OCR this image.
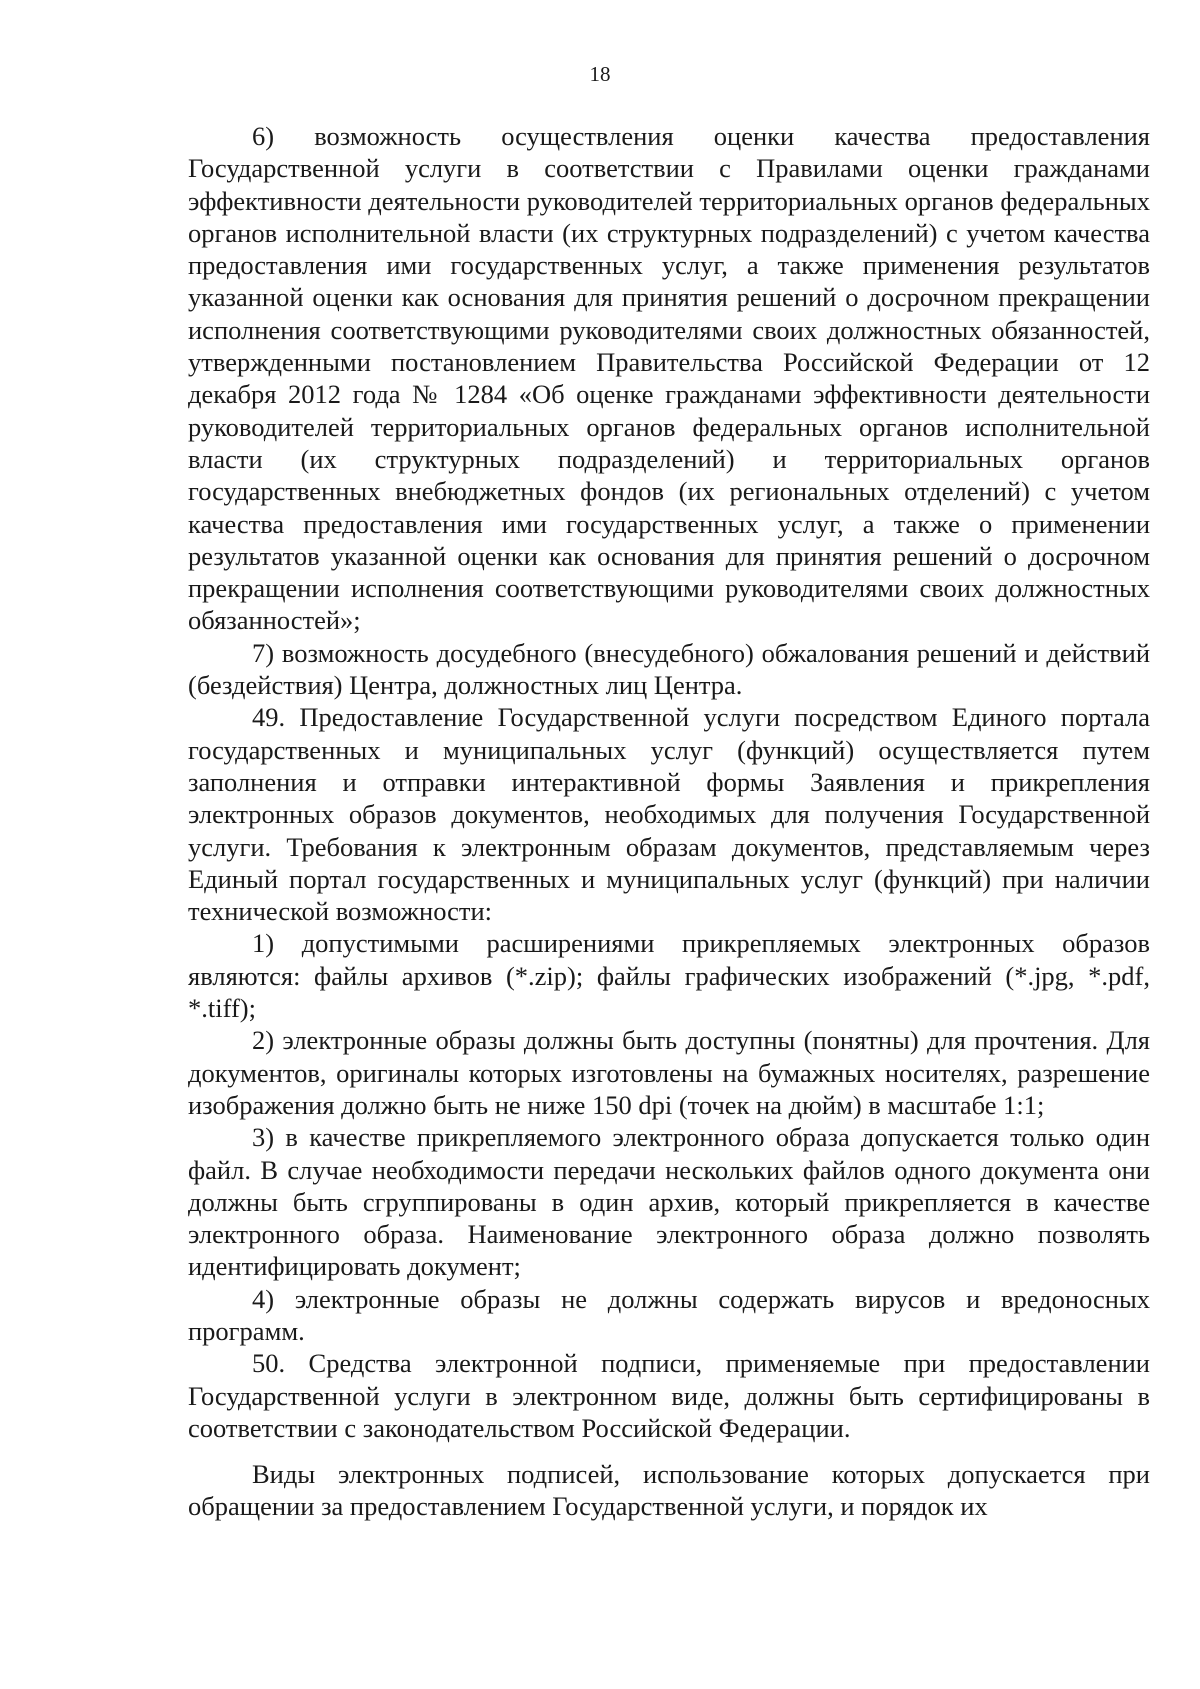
18

6) возможность осуществления оценки качества предоставления Государственной услуги в соответствии с Правилами оценки гражданами эффективности деятельности руководителей территориальных органов федеральных органов исполнительной власти (их структурных подразделений) с учетом качества предоставления ими государственных услуг, а также применения результатов указанной оценки как основания для принятия решений о досрочном прекращении исполнения соответствующими руководителями своих должностных обязанностей, утвержденными постановлением Правительства Российской Федерации от 12 декабря 2012 года № 1284 «Об оценке гражданами эффективности деятельности руководителей территориальных органов федеральных органов исполнительной власти (их структурных подразделений) и территориальных органов государственных внебюджетных фондов (их региональных отделений) с учетом качества предоставления ими государственных услуг, а также о применении результатов указанной оценки как основания для принятия решений о досрочном прекращении исполнения соответствующими руководителями своих должностных обязанностей»;

7) возможность досудебного (внесудебного) обжалования решений и действий (бездействия) Центра, должностных лиц Центра.

49. Предоставление Государственной услуги посредством Единого портала государственных и муниципальных услуг (функций) осуществляется путем заполнения и отправки интерактивной формы Заявления и прикрепления электронных образов документов, необходимых для получения Государственной услуги. Требования к электронным образам документов, представляемым через Единый портал государственных и муниципальных услуг (функций) при наличии технической возможности:

1) допустимыми расширениями прикрепляемых электронных образов являются: файлы архивов (*.zip); файлы графических изображений (*.jpg, *.pdf, *.tiff);

2) электронные образы должны быть доступны (понятны) для прочтения. Для документов, оригиналы которых изготовлены на бумажных носителях, разрешение изображения должно быть не ниже 150 dpi (точек на дюйм) в масштабе 1:1;

3) в качестве прикрепляемого электронного образа допускается только один файл. В случае необходимости передачи нескольких файлов одного документа они должны быть сгруппированы в один архив, который прикрепляется в качестве электронного образа. Наименование электронного образа должно позволять идентифицировать документ;

4) электронные образы не должны содержать вирусов и вредоносных программ.

50. Средства электронной подписи, применяемые при предоставлении Государственной услуги в электронном виде, должны быть сертифицированы в соответствии с законодательством Российской Федерации.

Виды электронных подписей, использование которых допускается при обращении за предоставлением Государственной услуги, и порядок их
